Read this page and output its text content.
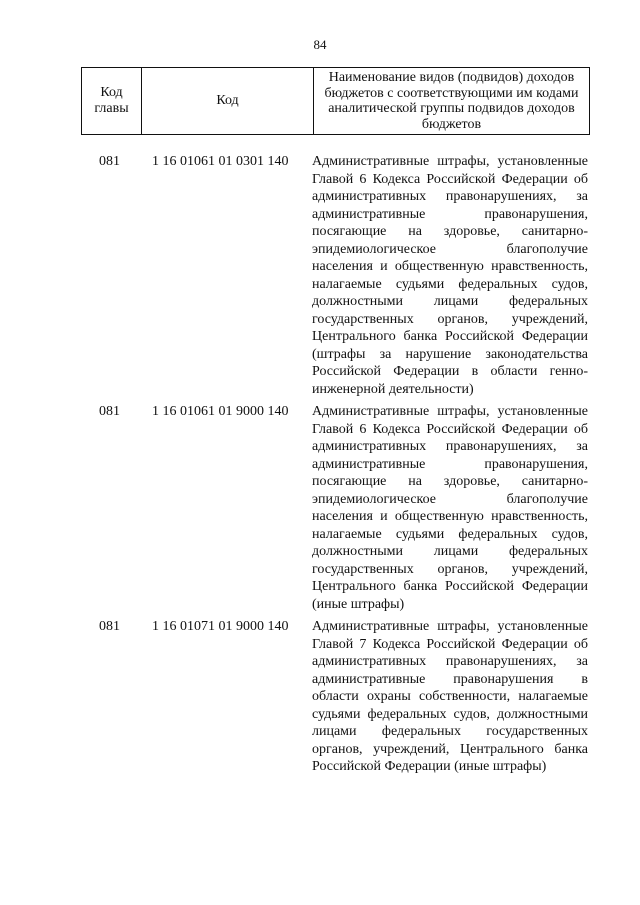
84
Код
главы
Код
Наименование видов (подвидов) доходов
бюджетов с соответствующими им кодами
аналитической группы подвидов доходов
бюджетов
081 1 16 01061 01 0301 140 Административные штрафы, установленные
Главой 6 Кодекса Российской Федерации об
административных правонарушениях, за
административные правонарушения,
посягающие на здоровье, санитарно-
эпидемиологическое благополучие
населения и общественную нравственность,
налагаемые судьями федеральных судов,
должностными лицами федеральных
государственных органов, учреждений,
Центрального банка Российской Федерации
(штрафы за нарушение законодательства
Российской Федерации в области генно-
инженерной деятельности)
081 1 16 01061 01 9000 140 Административные штрафы, установленные
Главой 6 Кодекса Российской Федерации об
административных правонарушениях, за
административные правонарушения,
посягающие на здоровье, санитарно-
эпидемиологическое благополучие
населения и общественную нравственность,
налагаемые судьями федеральных судов,
должностными лицами федеральных
государственных органов, учреждений,
Центрального банка Российской Федерации
(иные штрафы)
081 1 16 01071 01 9000 140 Административные штрафы, установленные
Главой 7 Кодекса Российской Федерации об
административных правонарушениях, за
административные правонарушения в
области охраны собственности, налагаемые
судьями федеральных судов, должностными
лицами федеральных государственных
органов, учреждений, Центрального банка
Российской Федерации (иные штрафы)
